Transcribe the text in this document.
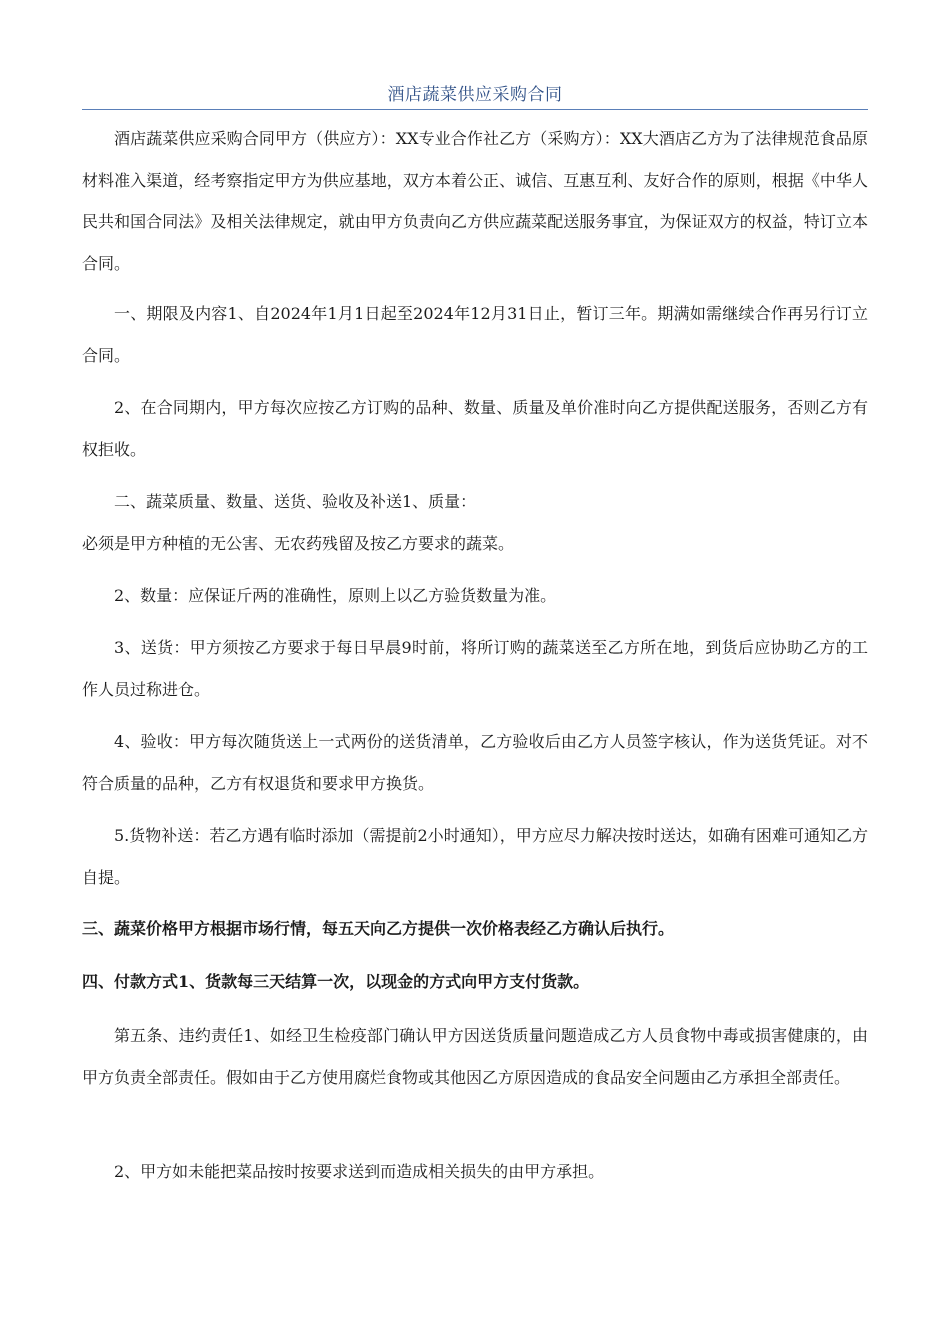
酒店蔬菜供应采购合同

酒店蔬菜供应采购合同甲方（供应方）：XX专业合作社乙方（采购方）：XX大酒店乙方为了法律规范食品原材料准入渠道，经考察指定甲方为供应基地，双方本着公正、诚信、互惠互利、友好合作的原则，根据《中华人民共和国合同法》及相关法律规定，就由甲方负责向乙方供应蔬菜配送服务事宜，为保证双方的权益，特订立本合同。

一、期限及内容1、自2024年1月1日起至2024年12月31日止，暂订三年。期满如需继续合作再另行订立合同。

2、在合同期内，甲方每次应按乙方订购的品种、数量、质量及单价准时向乙方提供配送服务，否则乙方有权拒收。

二、蔬菜质量、数量、送货、验收及补送1、质量：

必须是甲方种植的无公害、无农药残留及按乙方要求的蔬菜。

2、数量：应保证斤两的准确性，原则上以乙方验货数量为准。

3、送货：甲方须按乙方要求于每日早晨9时前，将所订购的蔬菜送至乙方所在地，到货后应协助乙方的工作人员过称进仓。

4、验收：甲方每次随货送上一式两份的送货清单，乙方验收后由乙方人员签字核认，作为送货凭证。对不符合质量的品种，乙方有权退货和要求甲方换货。

5.货物补送：若乙方遇有临时添加（需提前2小时通知），甲方应尽力解决按时送达，如确有困难可通知乙方自提。

三、蔬菜价格甲方根据市场行情，每五天向乙方提供一次价格表经乙方确认后执行。

四、付款方式1、货款每三天结算一次，以现金的方式向甲方支付货款。

第五条、违约责任1、如经卫生检疫部门确认甲方因送货质量问题造成乙方人员食物中毒或损害健康的，由甲方负责全部责任。假如由于乙方使用腐烂食物或其他因乙方原因造成的食品安全问题由乙方承担全部责任。

2、甲方如未能把菜品按时按要求送到而造成相关损失的由甲方承担。
